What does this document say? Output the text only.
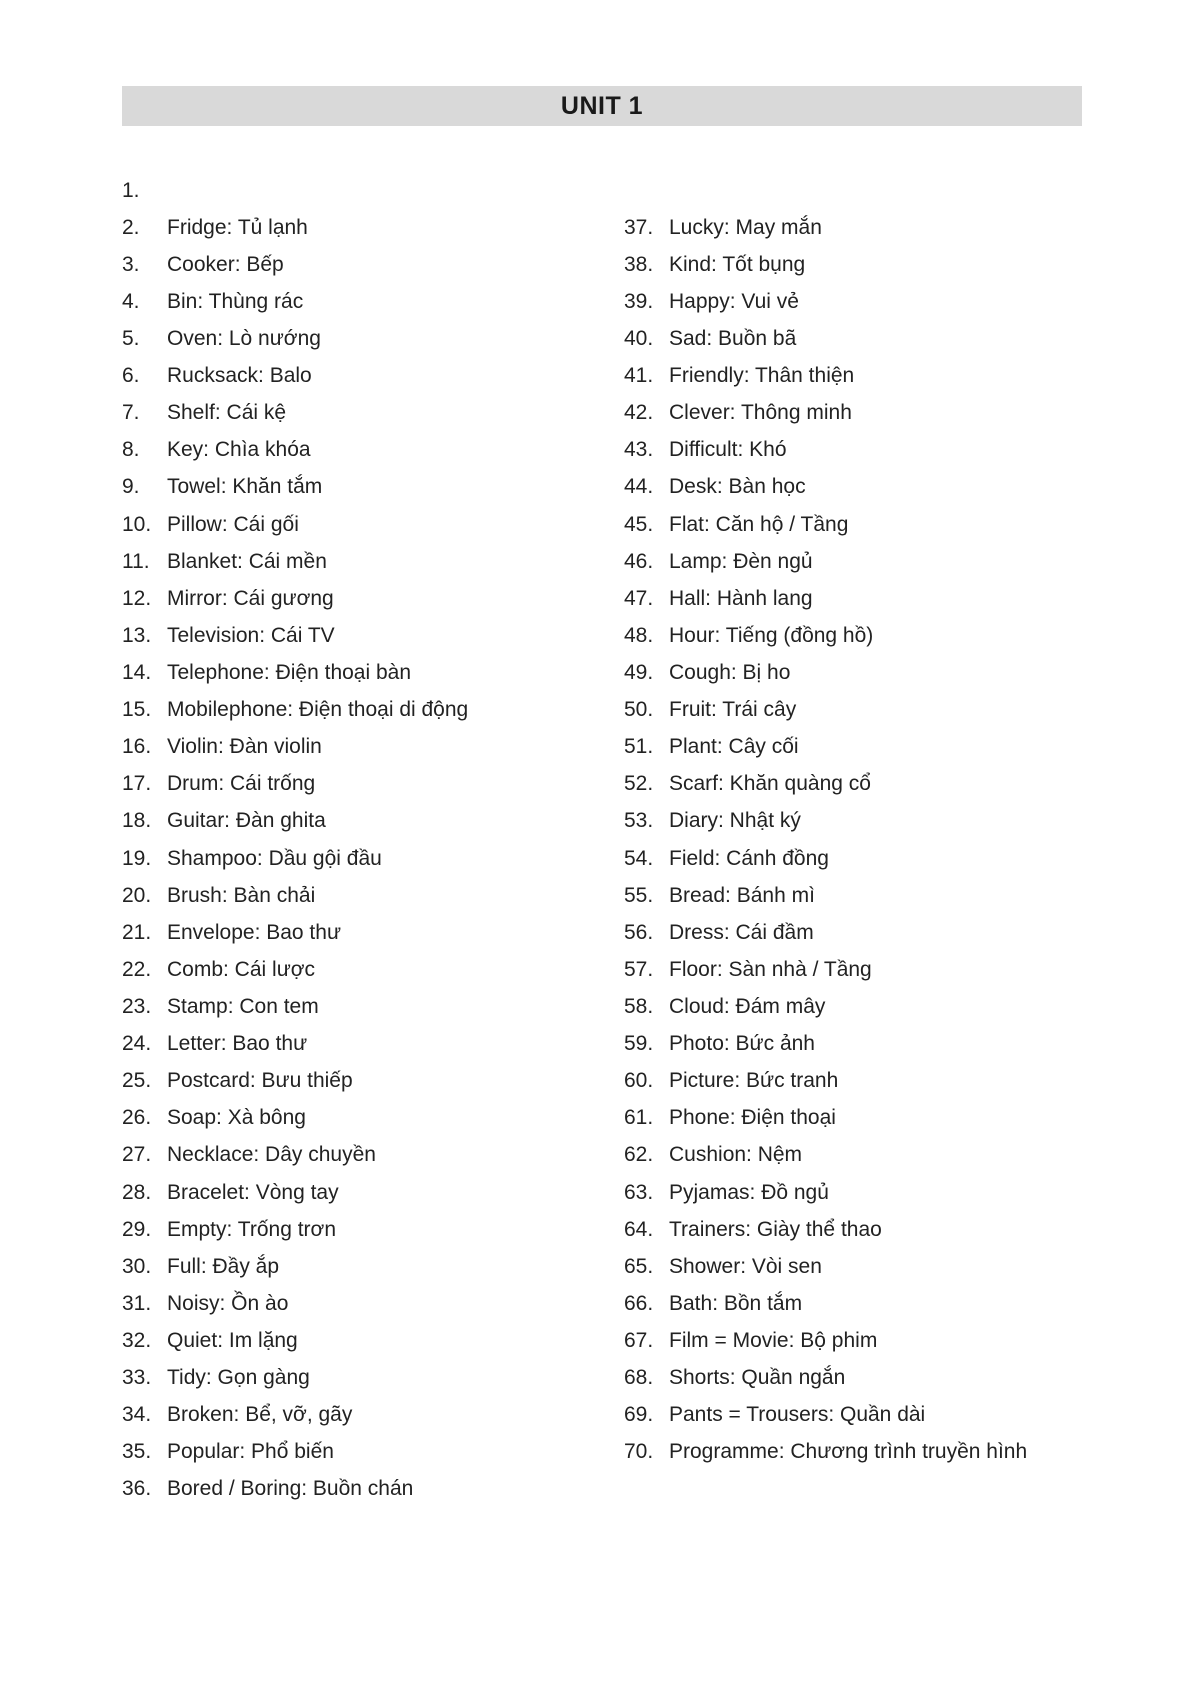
UNIT 1
1.
2.	Fridge: Tủ lạnh
3.	Cooker: Bếp
4.	Bin: Thùng rác
5.	Oven: Lò nướng
6.	Rucksack: Balo
7.	Shelf: Cái kệ
8.	Key: Chìa khóa
9.	Towel: Khăn tắm
10. Pillow: Cái gối
11. Blanket: Cái mền
12. Mirror: Cái gương
13. Television: Cái TV
14. Telephone: Điện thoại bàn
15. Mobilephone: Điện thoại di động
16. Violin: Đàn violin
17. Drum: Cái trống
18. Guitar: Đàn ghita
19. Shampoo: Dầu gội đầu
20. Brush: Bàn chải
21. Envelope: Bao thư
22. Comb: Cái lược
23. Stamp: Con tem
24. Letter: Bao thư
25. Postcard: Bưu thiếp
26. Soap: Xà bông
27. Necklace: Dây chuyền
28. Bracelet: Vòng tay
29. Empty: Trống trơn
30. Full: Đầy ắp
31. Noisy: Ồn ào
32. Quiet: Im lặng
33. Tidy: Gọn gàng
34. Broken: Bể, vỡ, gãy
35. Popular: Phổ biến
36. Bored / Boring: Buồn chán
37. Lucky: May mắn
38. Kind: Tốt bụng
39. Happy: Vui vẻ
40. Sad: Buồn bã
41. Friendly: Thân thiện
42. Clever: Thông minh
43. Difficult: Khó
44. Desk: Bàn học
45. Flat: Căn hộ / Tầng
46. Lamp: Đèn ngủ
47. Hall: Hành lang
48. Hour: Tiếng (đồng hồ)
49. Cough: Bị ho
50. Fruit: Trái cây
51. Plant: Cây cối
52. Scarf: Khăn quàng cổ
53. Diary: Nhật ký
54. Field: Cánh đồng
55. Bread: Bánh mì
56. Dress: Cái đầm
57. Floor: Sàn nhà / Tầng
58. Cloud: Đám mây
59. Photo: Bức ảnh
60. Picture: Bức tranh
61. Phone: Điện thoại
62. Cushion: Nệm
63. Pyjamas: Đồ ngủ
64. Trainers: Giày thể thao
65. Shower: Vòi sen
66. Bath: Bồn tắm
67. Film = Movie: Bộ phim
68. Shorts: Quần ngắn
69. Pants = Trousers: Quần dài
70. Programme: Chương trình truyền hình
